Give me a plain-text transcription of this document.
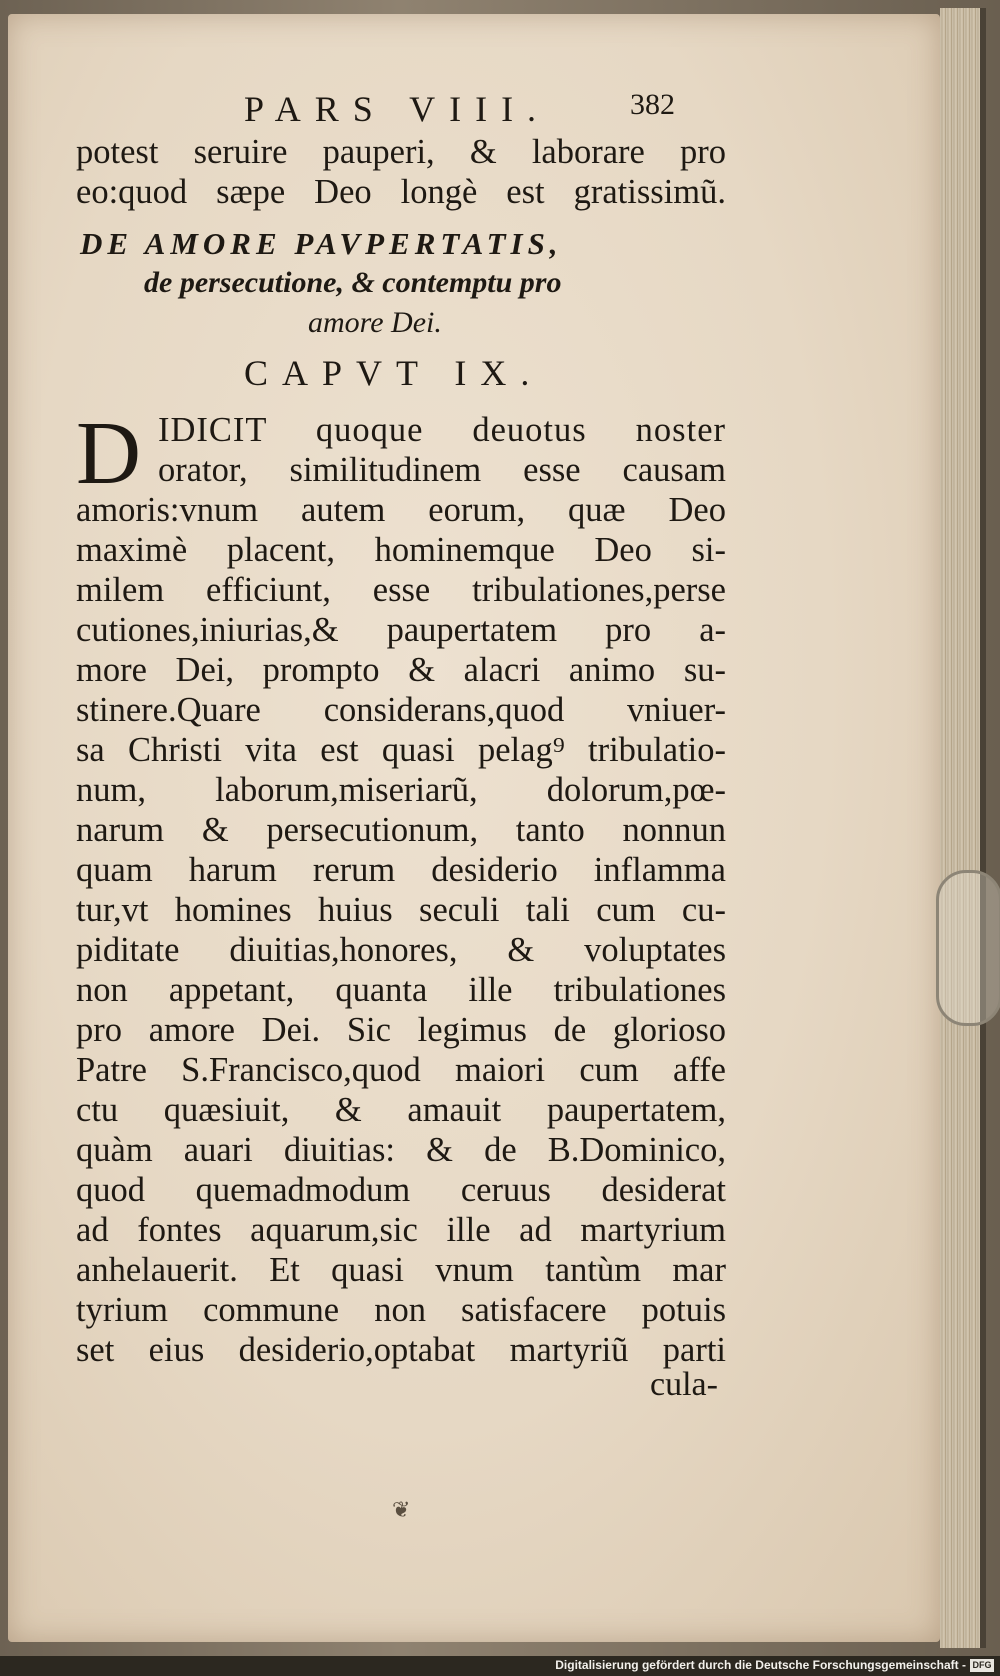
PARS VIII.	382
potest seruire pauperi, & laborare pro
eo:quod sæpe Deo longè est gratissimũ.
DE AMORE PAVPERTATIS,
de persecutione, & contemptu pro
amore Dei.
CAPVT IX.
D IDICIT quoque deuotus noster
orator, similitudinem esse causam
amoris:vnum autem eorum, quæ Deo
maximè placent, hominemque Deo si-
milem efficiunt, esse tribulationes,perse
cutiones,iniurias,& paupertatem pro a-
more Dei, prompto & alacri animo su-
stinere.Quare considerans,quod vniuer-
sa Christi vita est quasi pelag⁹ tribulatio-
num, laborum,miseriarũ, dolorum,pœ-
narum & persecutionum, tanto nonnun
quam harum rerum desiderio inflamma
tur,vt homines huius seculi tali cum cu-
piditate diuitias,honores, & voluptates
non appetant, quanta ille tribulationes
pro amore Dei. Sic legimus de glorioso
Patre S.Francisco,quod maiori cum affe
ctu quæsiuit, & amauit paupertatem,
quàm auari diuitias: & de B.Dominico,
quod quemadmodum ceruus desiderat
ad fontes aquarum,sic ille ad martyrium
anhelauerit. Et quasi vnum tantùm mar
tyrium commune non satisfacere potuis
set eius desiderio,optabat martyriũ parti
cula-
❦
Digitalisierung gefördert durch die Deutsche Forschungsgemeinschaft - DFG
